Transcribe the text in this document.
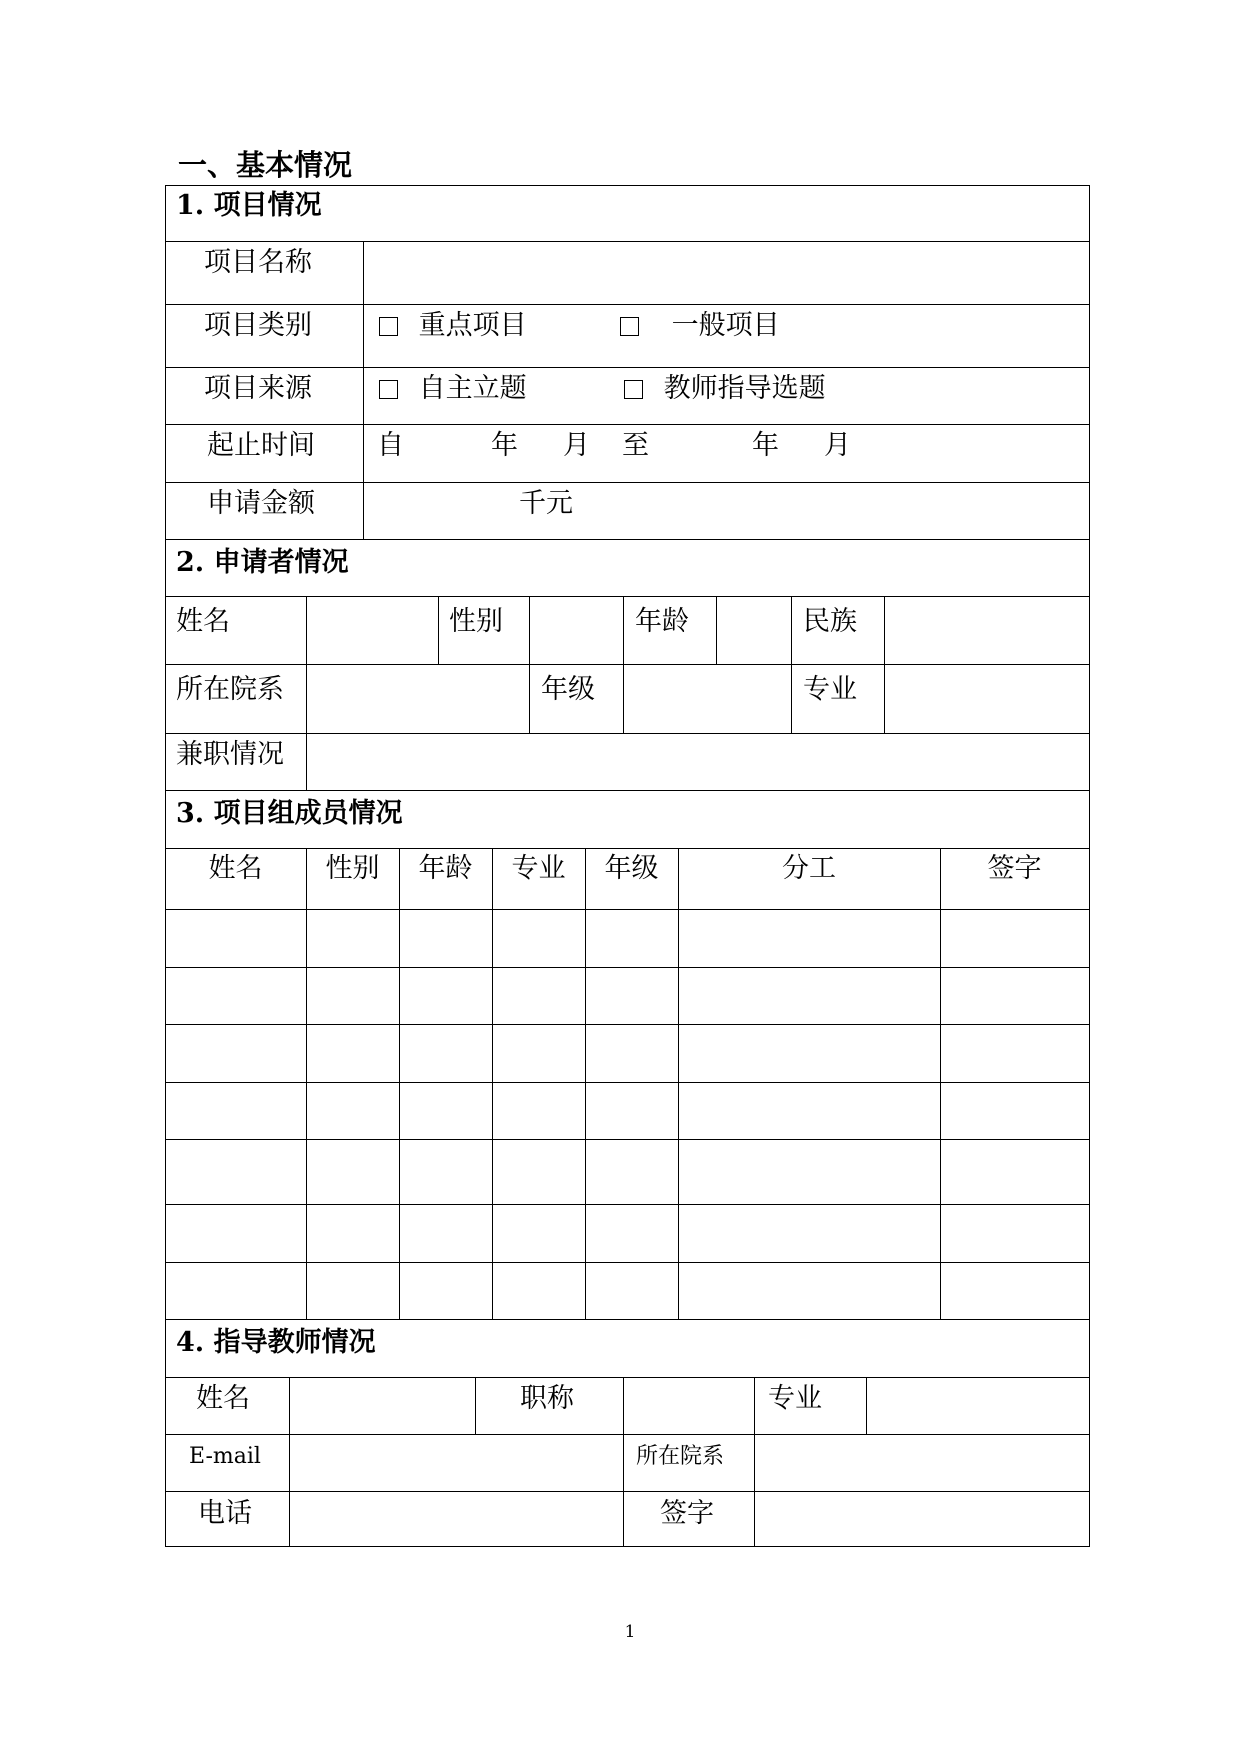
一、基本情况
1. 项目情况
项目名称
项目类别	重点项目	一般项目
项目来源	自主立题	教师指导选题
起止时间 自	年 月 至	年 月
申请金额	千元
2. 申请者情况
姓名	性别	年龄	民族
所在院系	年级	专业
兼职情况
3. 项目组成员情况
姓名	性别	年龄	专业	年级	分工	签字
4. 指导教师情况
姓名	职称	专业
E-mail	所在院系
电话	签字
1
